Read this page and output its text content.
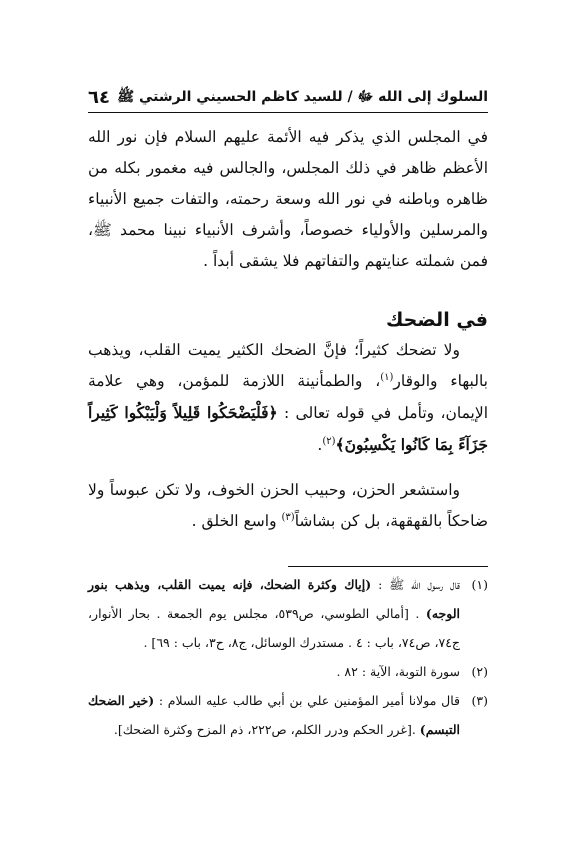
السلوك إلى الله ﷻ / للسيد كاظم الحسيني الرشتي ﷺ
٦٤

في المجلس الذي يذكر فيه الأئمة عليهم السلام فإن نور الله الأعظم ظاهر في ذلك المجلس، والجالس فيه مغمور بكله من ظاهره وباطنه في نور الله وسعة رحمته، والتفات جميع الأنبياء والمرسلين والأولياء خصوصاً، وأشرف الأنبياء نبينا محمد ﷺ، فمن شملته عنايتهم والتفاتهم فلا يشقى أبداً .

في الضحك

ولا تضحك كثيراً؛ فإنَّ الضحك الكثير يميت القلب، ويذهب بالبهاء والوقار$^{(١)}$، والطمأنينة اللازمة للمؤمن، وهي علامة الإيمان، وتأمل في قوله تعالى : ﴿فَلْيَضْحَكُوا قَلِيلاً وَلْيَبْكُوا كَثِيراً جَزَآءً بِمَا كَانُوا يَكْسِبُونَ﴾$^{(٢)}$.

واستشعر الحزن، وحبيب الحزن الخوف، ولا تكن عبوساً ولا ضاحكاً بالقهقهة، بل كن بشاشاً$^{(٣)}$ واسع الخلق .

(١)
قال رسول الله ﷺ : (إياك وكثرة الضحك، فإنه يميت القلب، ويذهب بنور الوجه) . [أمالي الطوسي، ص٥٣٩، مجلس يوم الجمعة . بحار الأنوار، ج٧٤، ص٧٤، باب : ٤ . مستدرك الوسائل، ج٨، ح٣، باب : ٦٩] .
(٢)
سورة التوبة، الآية : ٨٢ .
(٣)
قال مولانا أمير المؤمنين علي بن أبي طالب عليه السلام : (خير الضحك التبسم) .[غرر الحكم ودرر الكلم، ص٢٢٢، ذم المزح وكثرة الضحك].
